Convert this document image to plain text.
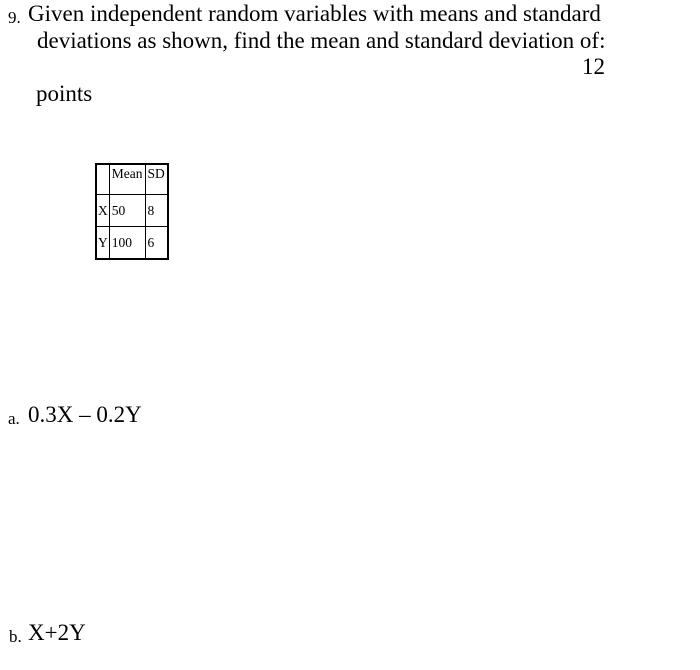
9. Given independent random variables with means and standard
deviations as shown, find the mean and standard deviation of:
12
points
	Mean	SD
X	50	8
Y	100	6
a. 0.3X – 0.2Y
b. X+2Y
